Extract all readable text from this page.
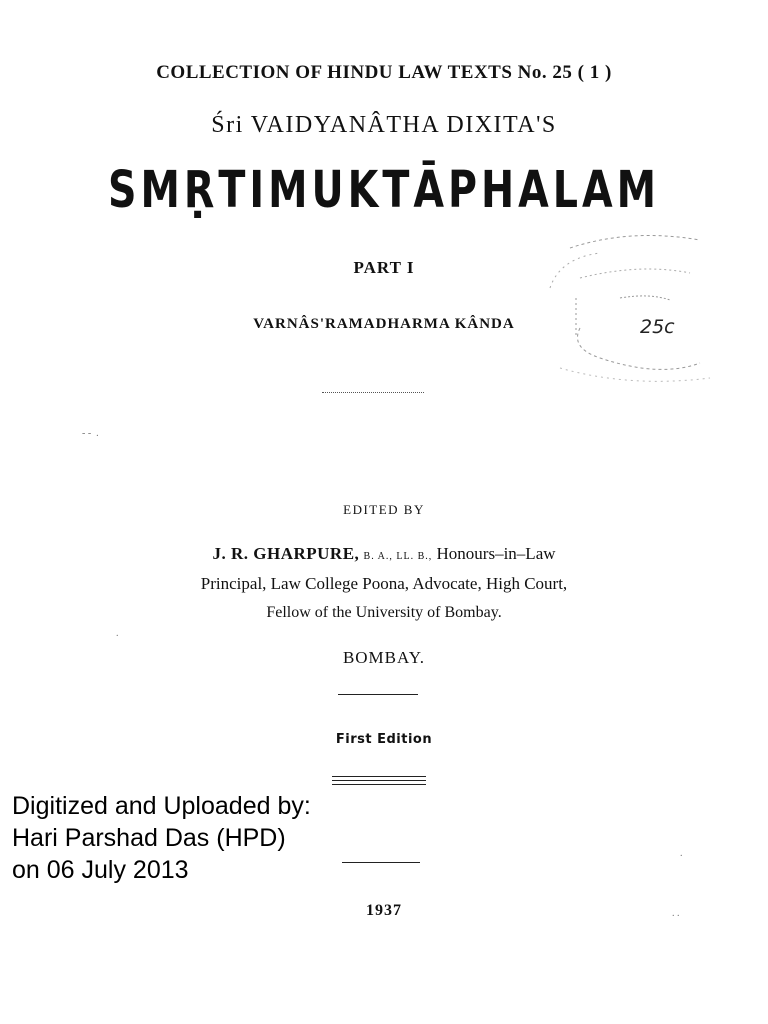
COLLECTION OF HINDU LAW TEXTS No. 25 ( 1 )
Śri VAIDYANÂTHA DIXITA'S
SMṚTIMUKTĀPHALAM
PART I
VARNÂS'RAMADHARMA KÂNDA	25c
EDITED BY
J. R. GHARPURE, B. A., LL. B., Honours–in–Law
Principal, Law College Poona, Advocate, High Court,
Fellow of the University of Bombay.
BOMBAY.
First Edition
Digitized and Uploaded by:
Hari Parshad Das (HPD)
on 06 July 2013
1937
- -  .
.
.
. .
